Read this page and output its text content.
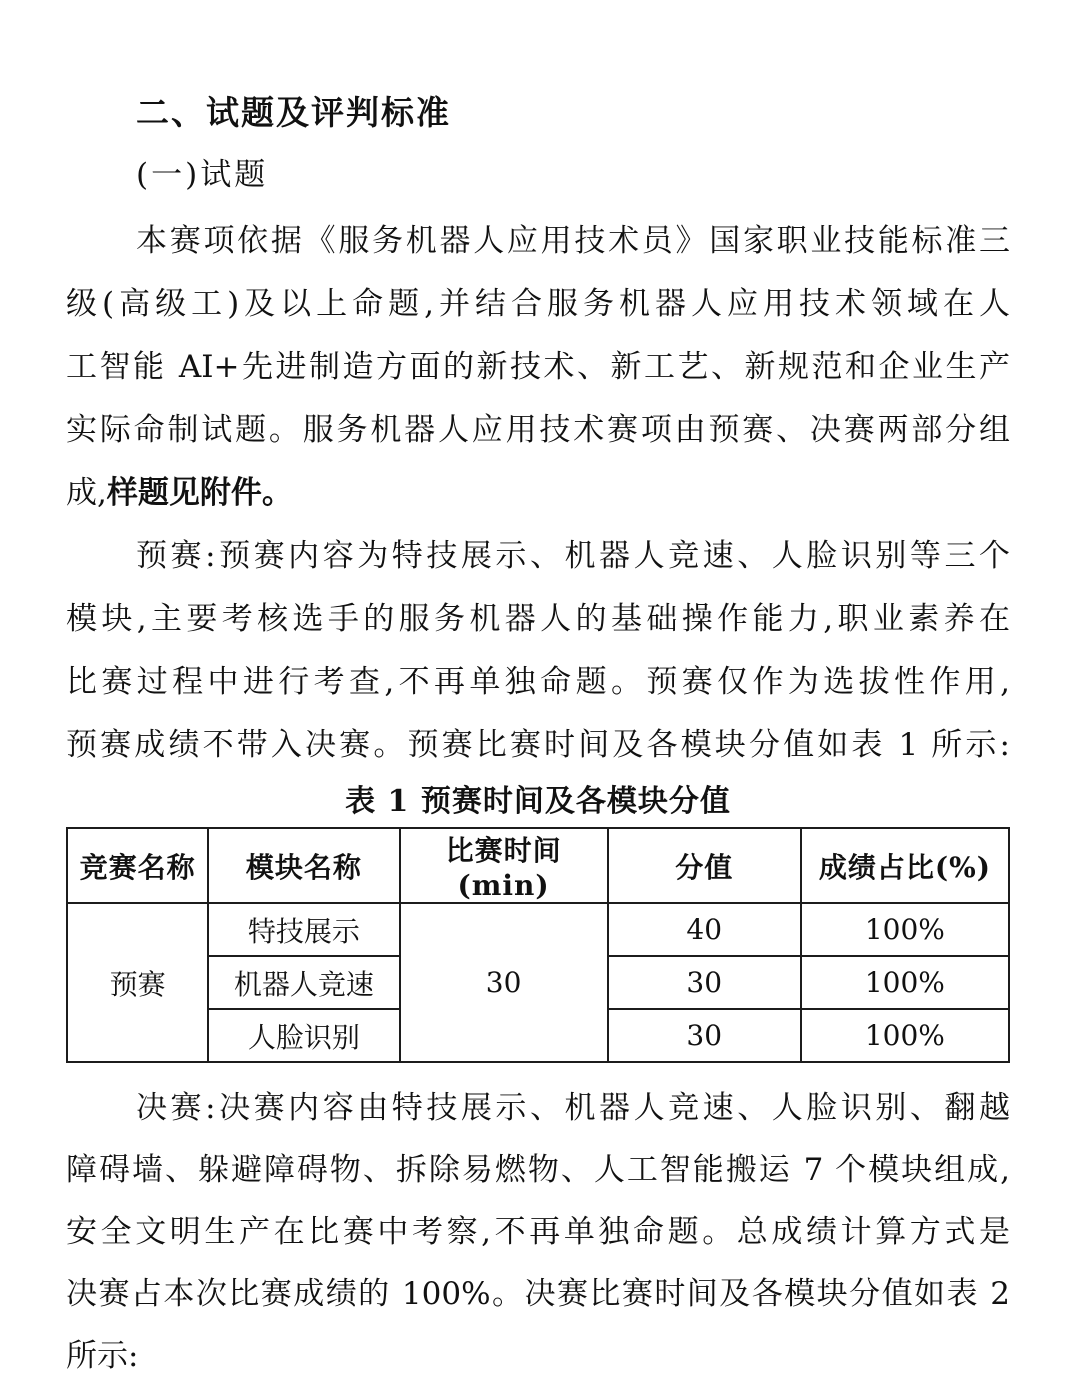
二、试题及评判标准
(一)试题
本赛项依据《服务机器人应用技术员》国家职业技能标准三
级(高级工)及以上命题,并结合服务机器人应用技术领域在人
工智能 AI+先进制造方面的新技术、新工艺、新规范和企业生产
实际命制试题。服务机器人应用技术赛项由预赛、决赛两部分组
成,样题见附件。
预赛:预赛内容为特技展示、机器人竞速、人脸识别等三个
模块,主要考核选手的服务机器人的基础操作能力,职业素养在
比赛过程中进行考查,不再单独命题。预赛仅作为选拔性作用,
预赛成绩不带入决赛。预赛比赛时间及各模块分值如表 1 所示:
表 1 预赛时间及各模块分值
竞赛名称	模块名称	比赛时间(min)	分值	成绩占比(%)
预赛	特技展示	30	40	100%
	机器人竞速		30	100%
	人脸识别		30	100%
决赛:决赛内容由特技展示、机器人竞速、人脸识别、翻越
障碍墙、躲避障碍物、拆除易燃物、人工智能搬运 7 个模块组成,
安全文明生产在比赛中考察,不再单独命题。总成绩计算方式是
决赛占本次比赛成绩的 100%。决赛比赛时间及各模块分值如表 2
所示:
